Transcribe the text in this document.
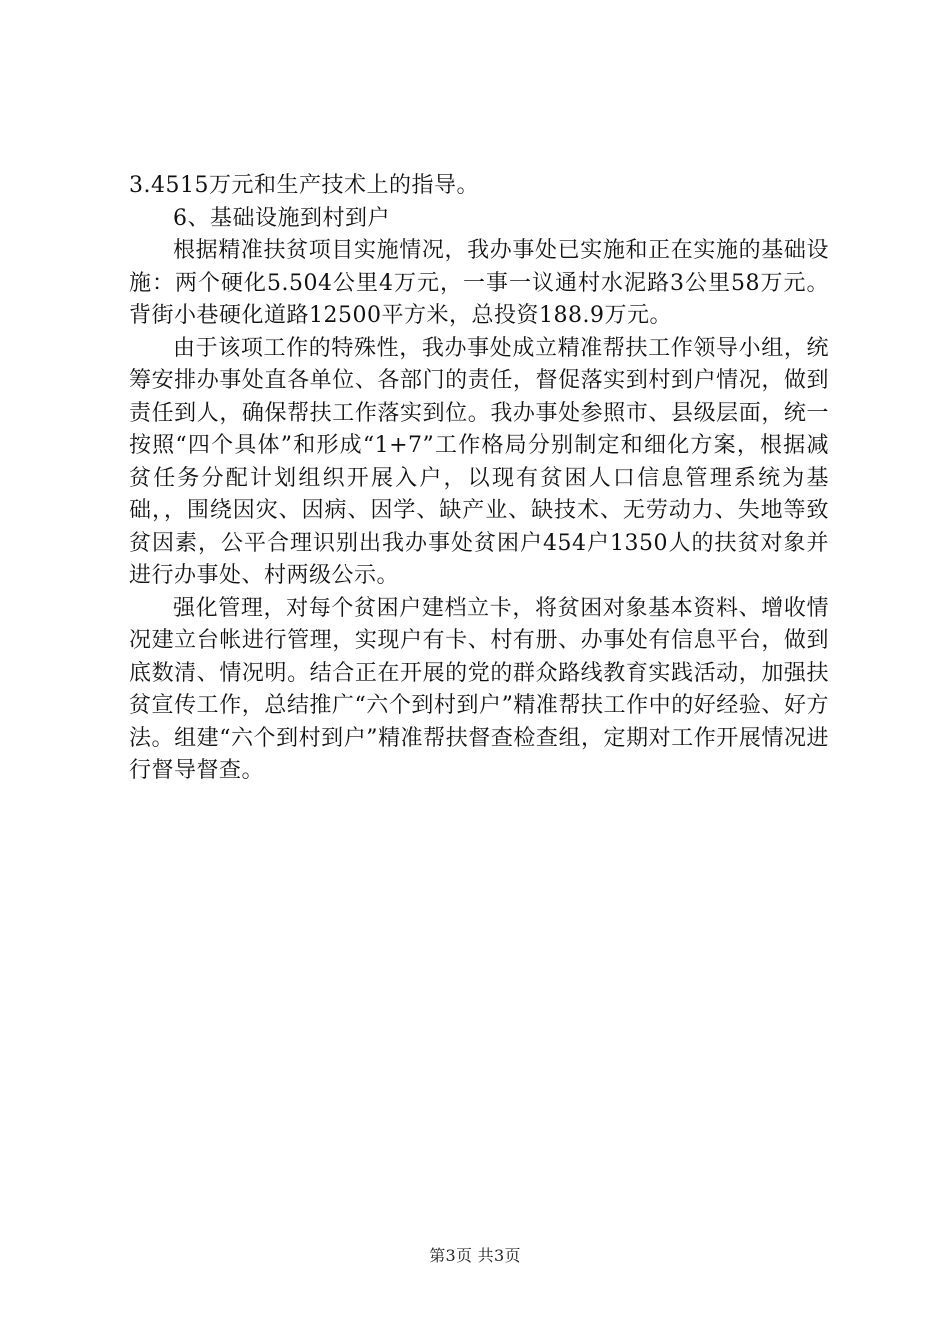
3.4515万元和生产技术上的指导。

6、基础设施到村到户

根据精准扶贫项目实施情况，我办事处已实施和正在实施的基础设施：两个硬化5.504公里4万元，一事一议通村水泥路3公里58万元。背街小巷硬化道路12500平方米，总投资188.9万元。

由于该项工作的特殊性，我办事处成立精准帮扶工作领导小组，统筹安排办事处直各单位、各部门的责任，督促落实到村到户情况，做到责任到人，确保帮扶工作落实到位。我办事处参照市、县级层面，统一按照“四个具体”和形成“1+7”工作格局分别制定和细化方案，根据减贫任务分配计划组织开展入户，以现有贫困人口信息管理系统为基础，，围绕因灾、因病、因学、缺产业、缺技术、无劳动力、失地等致贫因素，公平合理识别出我办事处贫困户454户1350人的扶贫对象并进行办事处、村两级公示。

强化管理，对每个贫困户建档立卡，将贫困对象基本资料、增收情况建立台帐进行管理，实现户有卡、村有册、办事处有信息平台，做到底数清、情况明。结合正在开展的党的群众路线教育实践活动，加强扶贫宣传工作，总结推广“六个到村到户”精准帮扶工作中的好经验、好方法。组建“六个到村到户”精准帮扶督查检查组，定期对工作开展情况进行督导督查。

第3页 共3页
